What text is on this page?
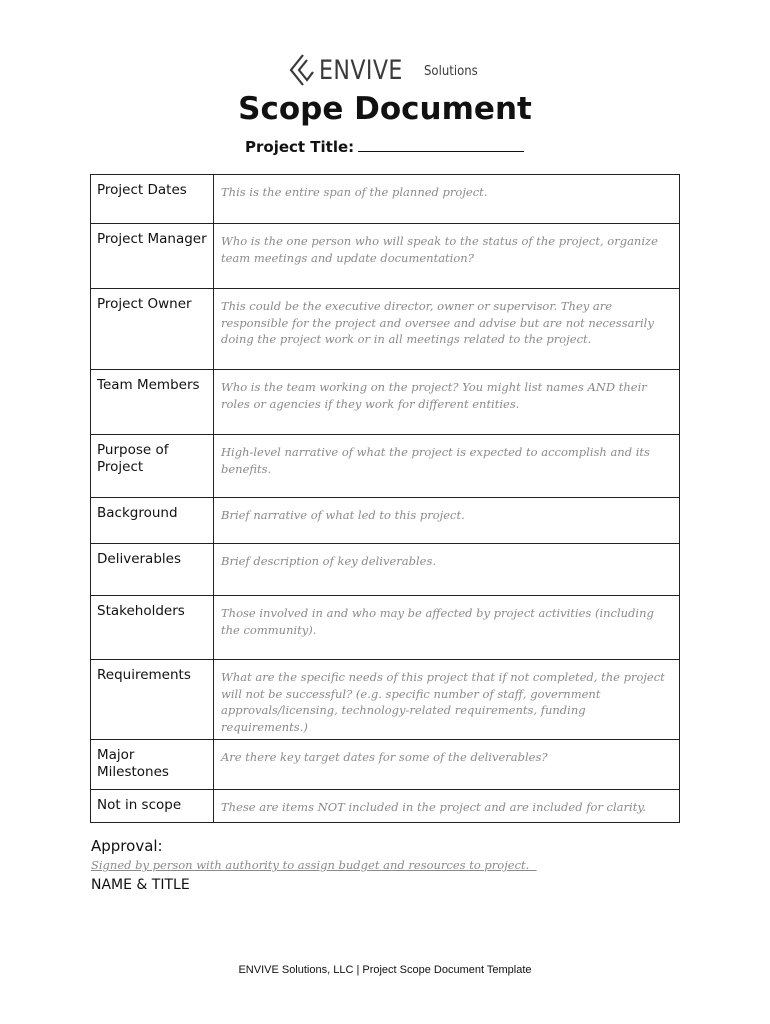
ENVIVE Solutions
Scope Document
Project Title:
Project Dates	This is the entire span of the planned project.
Project Manager	Who is the one person who will speak to the status of the project, organize team meetings and update documentation?
Project Owner	This could be the executive director, owner or supervisor. They are responsible for the project and oversee and advise but are not necessarily doing the project work or in all meetings related to the project.
Team Members	Who is the team working on the project? You might list names AND their roles or agencies if they work for different entities.
Purpose of Project	High-level narrative of what the project is expected to accomplish and its benefits.
Background	Brief narrative of what led to this project.
Deliverables	Brief description of key deliverables.
Stakeholders	Those involved in and who may be affected by project activities (including the community).
Requirements	What are the specific needs of this project that if not completed, the project will not be successful? (e.g. specific number of staff, government approvals/licensing, technology-related requirements, funding requirements.)
Major Milestones	Are there key target dates for some of the deliverables?
Not in scope	These are items NOT included in the project and are included for clarity.
Approval:
Signed by person with authority to assign budget and resources to project.
NAME & TITLE
ENVIVE Solutions, LLC | Project Scope Document Template
